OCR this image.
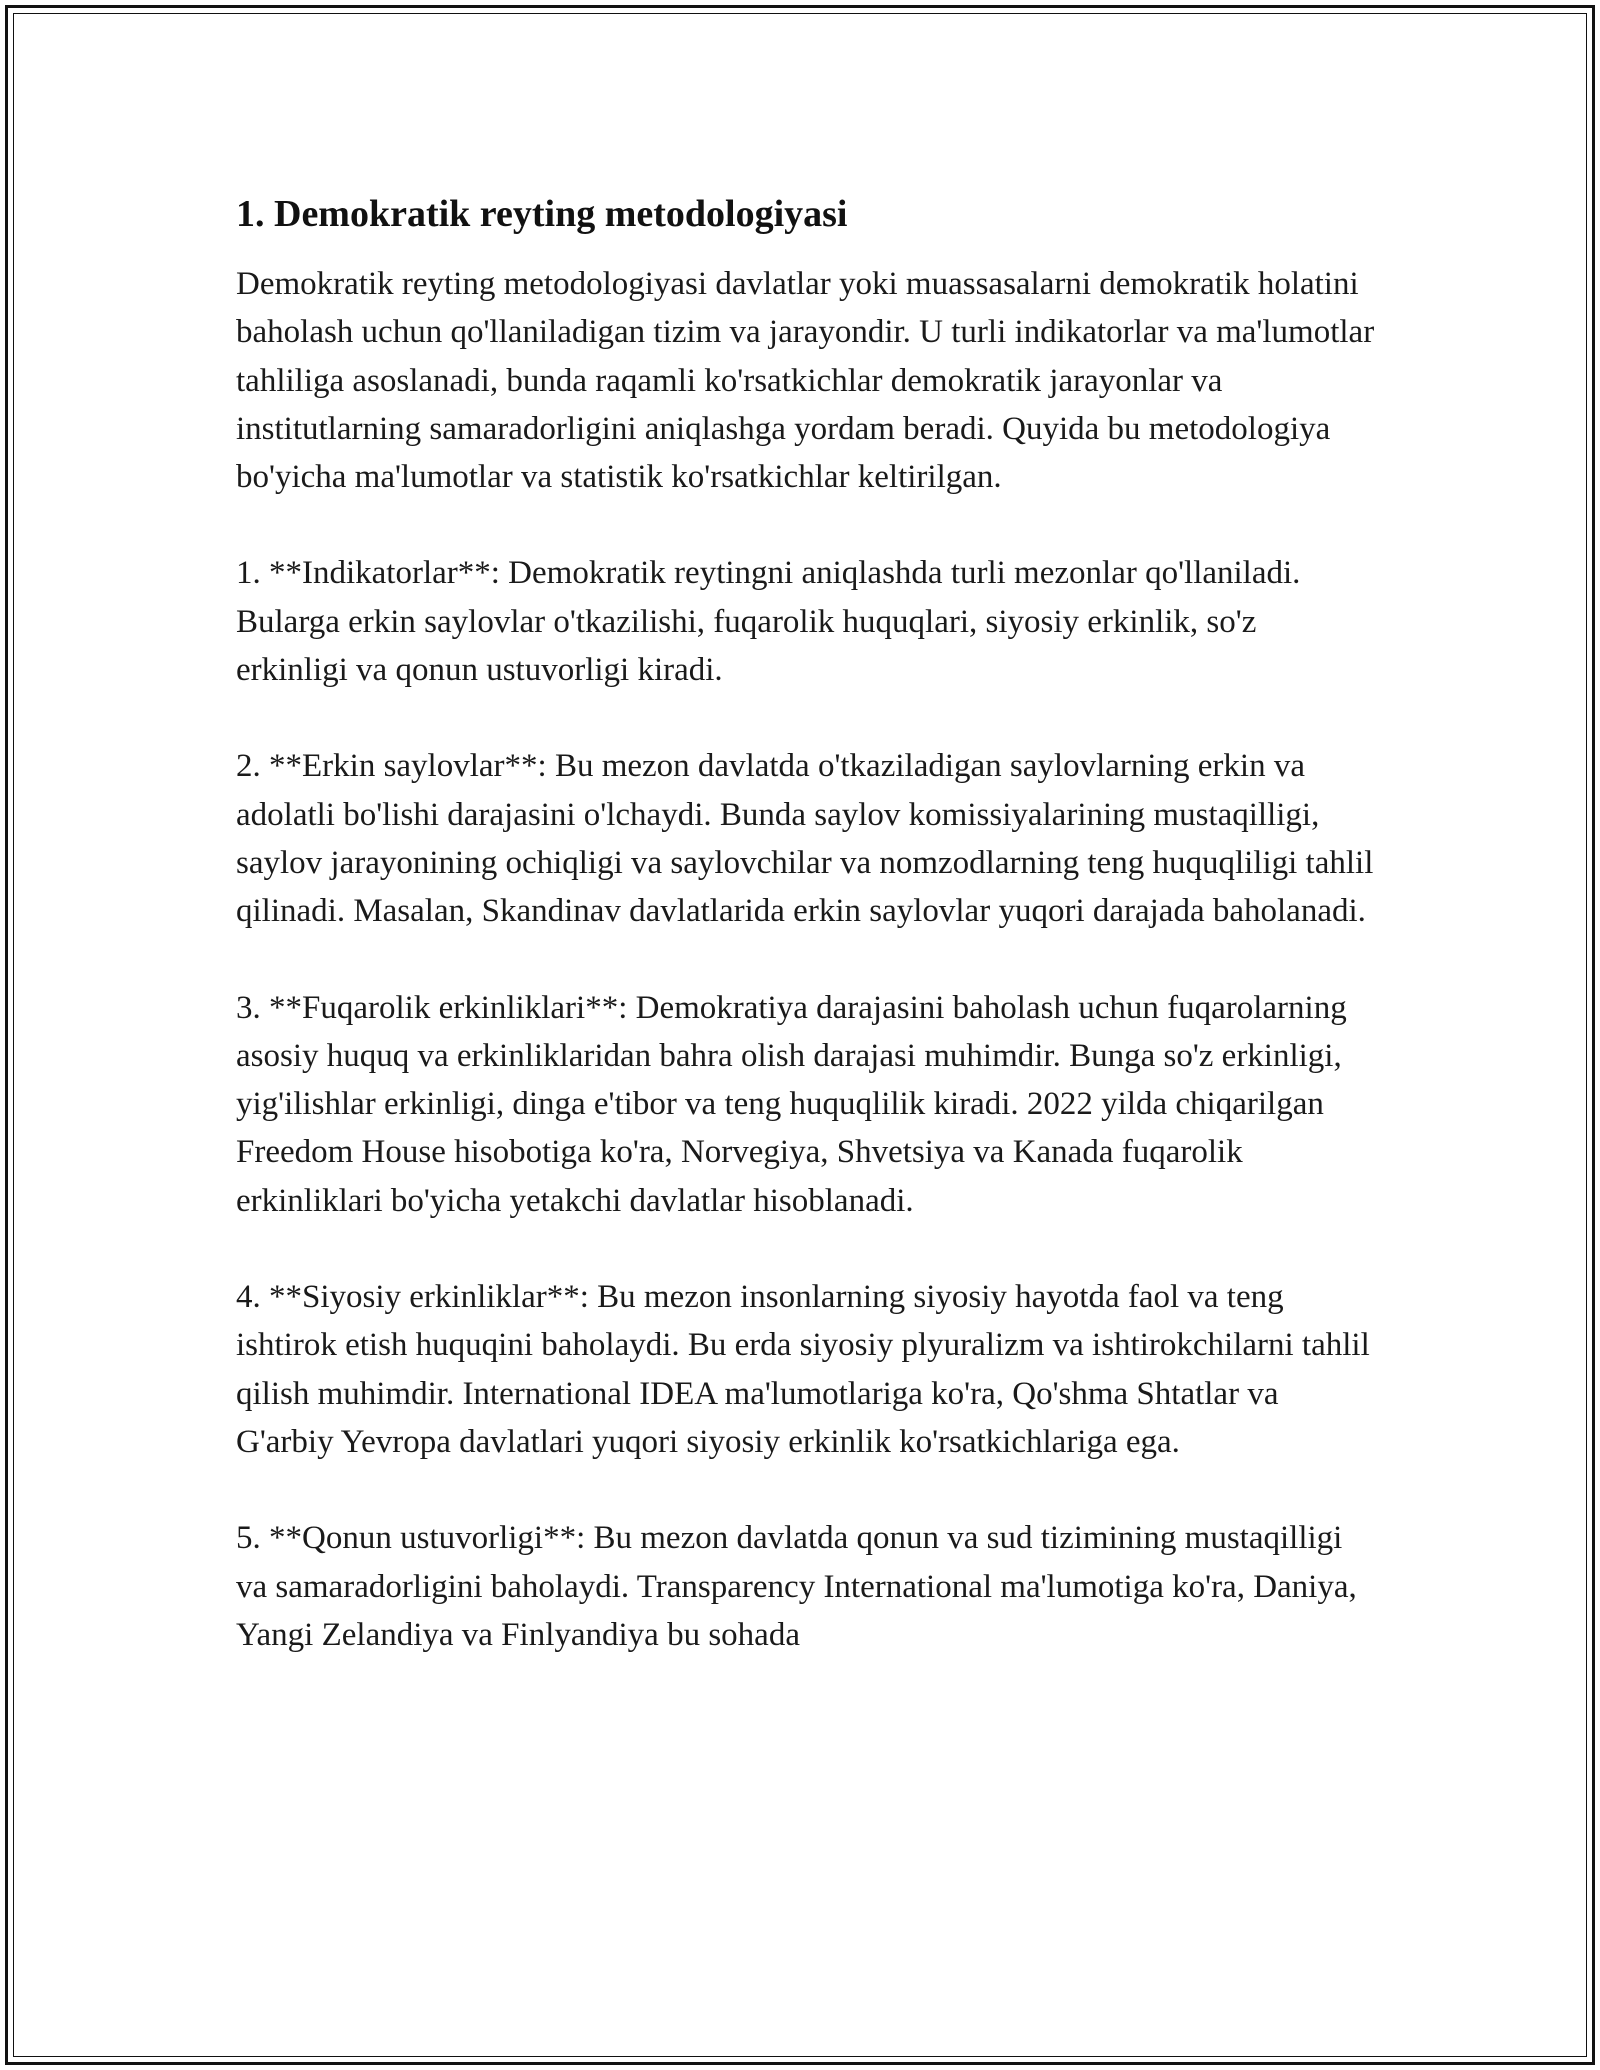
1. Demokratik reyting metodologiyasi

Demokratik reyting metodologiyasi davlatlar yoki muassasalarni demokratik holatini baholash uchun qo'llaniladigan tizim va jarayondir. U turli indikatorlar va ma'lumotlar tahliliga asoslanadi, bunda raqamli ko'rsatkichlar demokratik jarayonlar va institutlarning samaradorligini aniqlashga yordam beradi. Quyida bu metodologiya bo'yicha ma'lumotlar va statistik ko'rsatkichlar keltirilgan.

1. **Indikatorlar**: Demokratik reytingni aniqlashda turli mezonlar qo'llaniladi. Bularga erkin saylovlar o'tkazilishi, fuqarolik huquqlari, siyosiy erkinlik, so'z erkinligi va qonun ustuvorligi kiradi.

2. **Erkin saylovlar**: Bu mezon davlatda o'tkaziladigan saylovlarning erkin va adolatli bo'lishi darajasini o'lchaydi. Bunda saylov komissiyalarining mustaqilligi, saylov jarayonining ochiqligi va saylovchilar va nomzodlarning teng huquqliligi tahlil qilinadi. Masalan, Skandinav davlatlarida erkin saylovlar yuqori darajada baholanadi.

3. **Fuqarolik erkinliklari**: Demokratiya darajasini baholash uchun fuqarolarning asosiy huquq va erkinliklaridan bahra olish darajasi muhimdir. Bunga so'z erkinligi, yig'ilishlar erkinligi, dinga e'tibor va teng huquqlilik kiradi. 2022 yilda chiqarilgan Freedom House hisobotiga ko'ra, Norvegiya, Shvetsiya va Kanada fuqarolik erkinliklari bo'yicha yetakchi davlatlar hisoblanadi.

4. **Siyosiy erkinliklar**: Bu mezon insonlarning siyosiy hayotda faol va teng ishtirok etish huquqini baholaydi. Bu erda siyosiy plyuralizm va ishtirokchilarni tahlil qilish muhimdir. International IDEA ma'lumotlariga ko'ra, Qo'shma Shtatlar va G'arbiy Yevropa davlatlari yuqori siyosiy erkinlik ko'rsatkichlariga ega.

5. **Qonun ustuvorligi**: Bu mezon davlatda qonun va sud tizimining mustaqilligi va samaradorligini baholaydi. Transparency International ma'lumotiga ko'ra, Daniya, Yangi Zelandiya va Finlyandiya bu sohada
